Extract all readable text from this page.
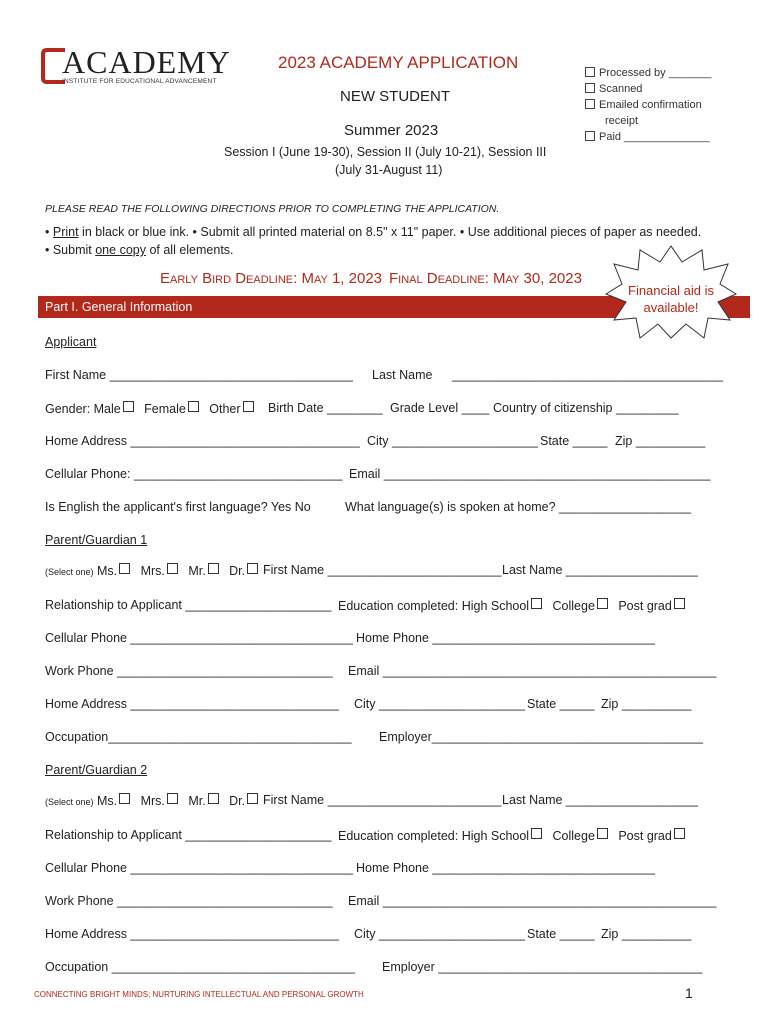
ACADEMY
INSTITUTE FOR EDUCATIONAL ADVANCEMENT
2023 ACADEMY APPLICATION
NEW STUDENT
Summer 2023
Session I (June 19-30), Session II (July 10-21), Session III
(July 31-August 11)
Processed by _______
Scanned
Emailed confirmation
receipt
Paid ______________
PLEASE READ THE FOLLOWING DIRECTIONS PRIOR TO COMPLETING THE APPLICATION.
• Print in black or blue ink. • Submit all printed material on 8.5" x 11" paper. • Use additional pieces of paper as needed.
• Submit one copy of all elements.
Early Bird Deadline: May 1, 2023 Final Deadline: May 30, 2023
Part I. General Information
Financial aid is
available!
Applicant
First Name ___________________________________ Last Name _______________________________________
Gender: Male Female Other	Birth Date ________ Grade Level ____ Country of citizenship _________
Home Address _________________________________ City _____________________ State _____ Zip __________
Cellular Phone: ______________________________ Email _______________________________________________
Is English the applicant's first language? Yes No	What language(s) is spoken at home? ___________________
Parent/Guardian 1
(Select one) Ms. Mrs. Mr. Dr.	First Name _________________________ Last Name ___________________
Relationship to Applicant _____________________ Education completed: High School College Post grad
Cellular Phone ________________________________ Home Phone ________________________________
Work Phone _______________________________ Email ________________________________________________
Home Address ______________________________ City _____________________ State _____ Zip __________
Occupation___________________________________ Employer_______________________________________
Parent/Guardian 2
(Select one) Ms. Mrs. Mr. Dr.	First Name _________________________ Last Name ___________________
Relationship to Applicant _____________________ Education completed: High School College Post grad
Cellular Phone ________________________________ Home Phone ________________________________
Work Phone _______________________________ Email ________________________________________________
Home Address ______________________________ City _____________________ State _____ Zip __________
Occupation ___________________________________ Employer ______________________________________
CONNECTING BRIGHT MINDS; NURTURING INTELLECTUAL AND PERSONAL GROWTH	1
